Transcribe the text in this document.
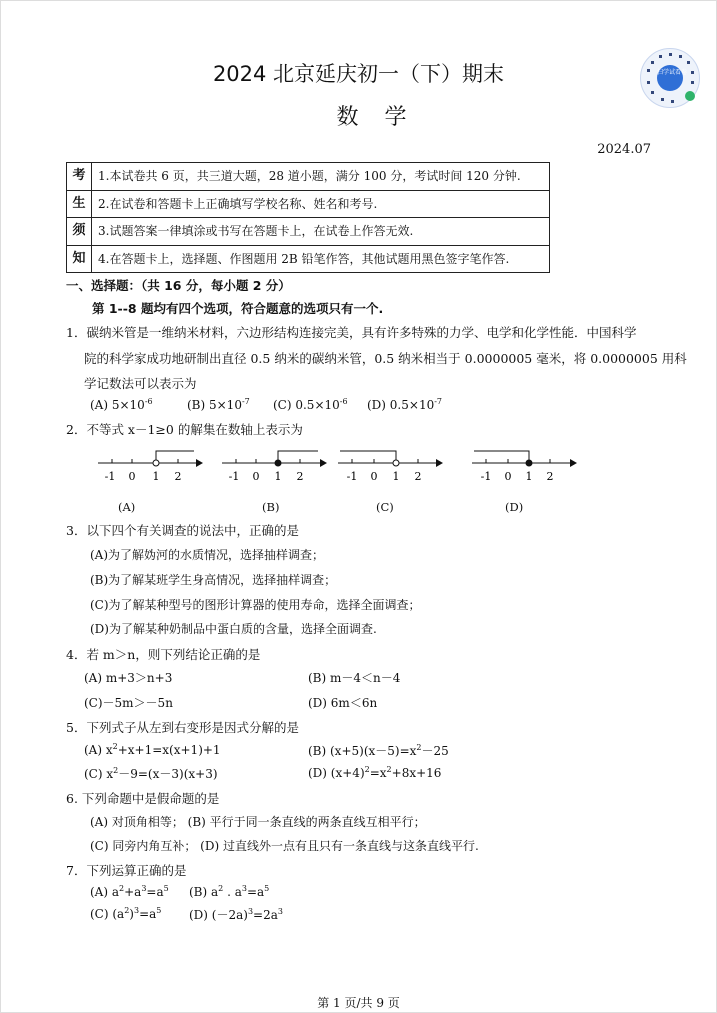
2024 北京延庆初一（下）期末
数学
2024.07
扫学试看卷
考	1.本试卷共 6 页，共三道大题，28 道小题，满分 100 分，考试时间 120 分钟.
生	2.在试卷和答题卡上正确填写学校名称、姓名和考号.
须	3.试题答案一律填涂或书写在答题卡上，在试卷上作答无效.
知	4.在答题卡上，选择题、作图题用 2B 铅笔作答，其他试题用黑色签字笔作答.
一、选择题：（共 16 分，每小题 2 分）
第 1--8 题均有四个选项，符合题意的选项只有一个.
1．碳纳米管是一维纳米材料，六边形结构连接完美，具有许多特殊的力学、电学和化学性能．中国科学
院的科学家成功地研制出直径 0.5 纳米的碳纳米管，0.5 纳米相当于 0.0000005 毫米，将 0.0000005 用科
学记数法可以表示为
(A) $5\times 10^{-6}$	(B) $5\times 10^{-7}$ (C) $0.5\times 10^{-6}$ (D) $0.5\times 10^{-7}$
2．不等式 x－1≥0 的解集在数轴上表示为
-1 0 1 2	-1 0 1 2	-1 0 1 2	-1 0 1 2
(A)	(B)	(C)	(D)
3．以下四个有关调查的说法中，正确的是
(A)为了解妫河的水质情况，选择抽样调查；
(B)为了解某班学生身高情况，选择抽样调查；
(C)为了解某种型号的图形计算器的使用寿命，选择全面调查；
(D)为了解某种奶制品中蛋白质的含量，选择全面调查.
4．若 m＞n，则下列结论正确的是
(A) m+3＞n+3	(B) m－4＜n－4
(C)－5m＞－5n	(D) 6m＜6n
5．下列式子从左到右变形是因式分解的是
(A) $x^2+x+1=x(x+1)+1$	(B) $(x+5)(x-5)=x^2-25$
(C) $x^2-9=(x-3)(x+3)$	(D) $(x+4)^2=x^2+8x+16$
6. 下列命题中是假命题的是
(A) 对顶角相等； (B) 平行于同一条直线的两条直线互相平行；
(C) 同旁内角互补； (D) 过直线外一点有且只有一条直线与这条直线平行.
7．下列运算正确的是
(A) $a^2+a^3=a^5$ (B) $a^2$ . $a^3=a^5$
(C) $(a^2)^3=a^5$ (D) $(-2a)^3=2a^3$
第 1 页/共 9 页
